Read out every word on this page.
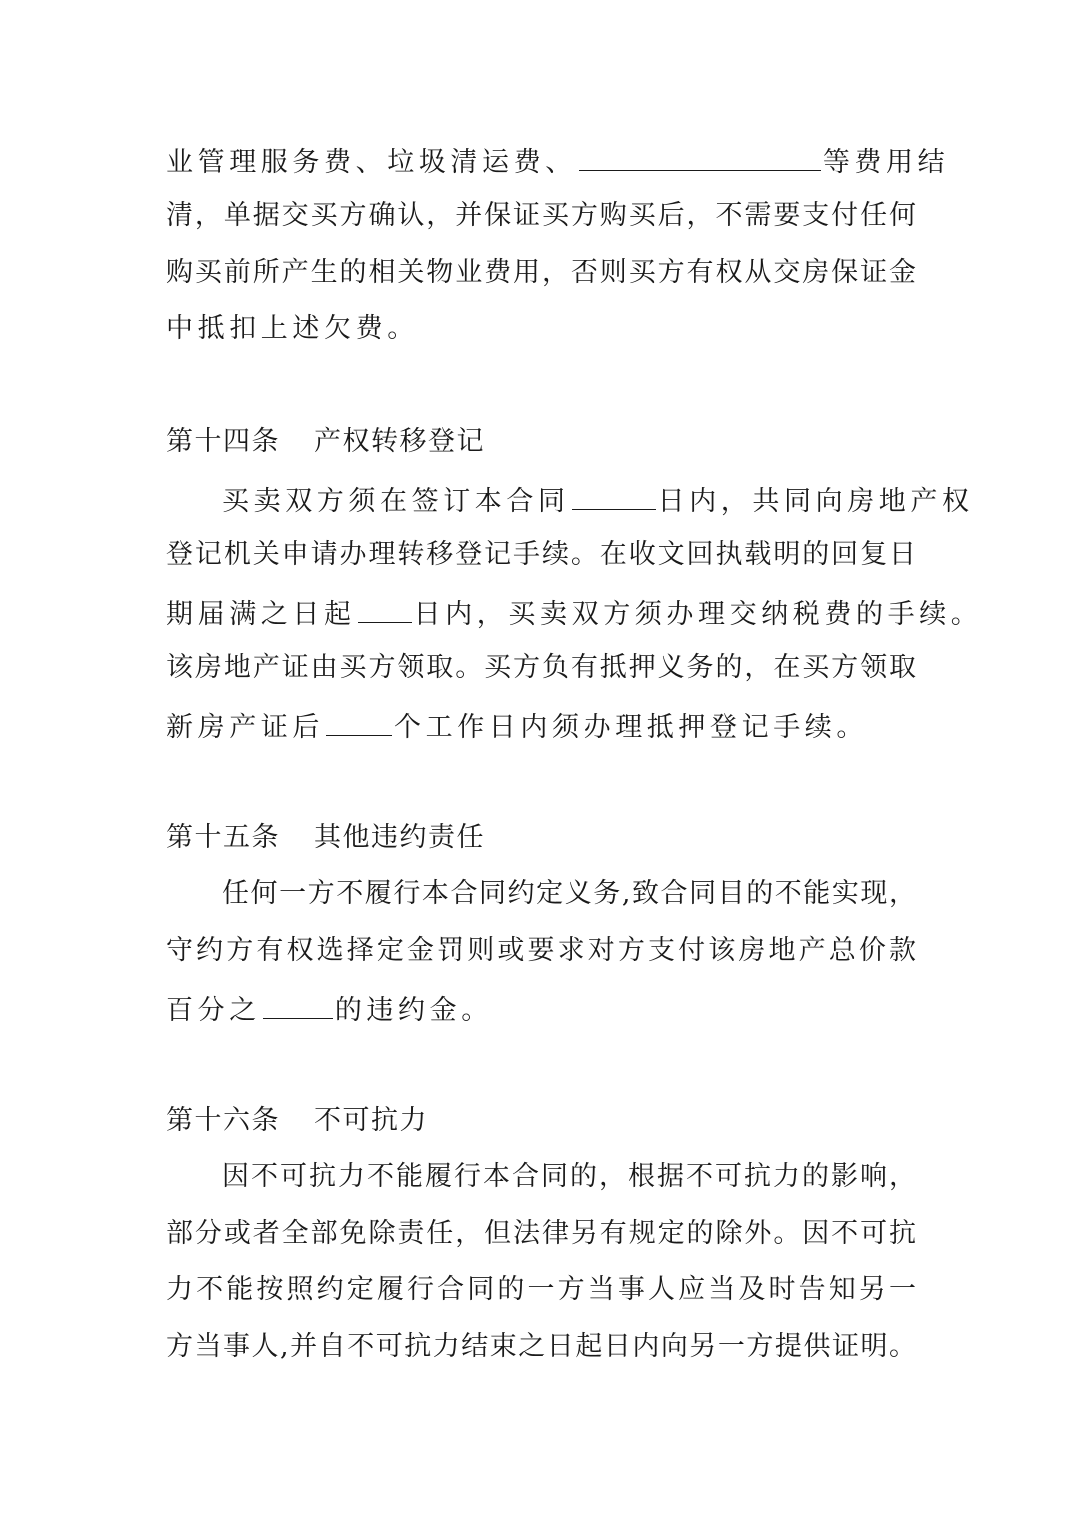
业管理服务费、垃圾清运费、	等费用结
清，单据交买方确认，并保证买方购买后，不需要支付任何
购买前所产生的相关物业费用，否则买方有权从交房保证金
中抵扣上述欠费。
第十四条 产权转移登记
买卖双方须在签订本合同	日内，共同向房地产权
登记机关申请办理转移登记手续。在收文回执载明的回复日
期届满之日起 日内，买卖双方须办理交纳税费的手续。
该房地产证由买方领取。买方负有抵押义务的，在买方领取
新房产证后	个工作日内须办理抵押登记手续。
第十五条 其他违约责任
任何一方不履行本合同约定义务,致合同目的不能实现，
守约方有权选择定金罚则或要求对方支付该房地产总价款
百分之	的违约金。
第十六条 不可抗力
因不可抗力不能履行本合同的，根据不可抗力的影响，
部分或者全部免除责任，但法律另有规定的除外。因不可抗
力不能按照约定履行合同的一方当事人应当及时告知另一
方当事人,并自不可抗力结束之日起日内向另一方提供证明。
